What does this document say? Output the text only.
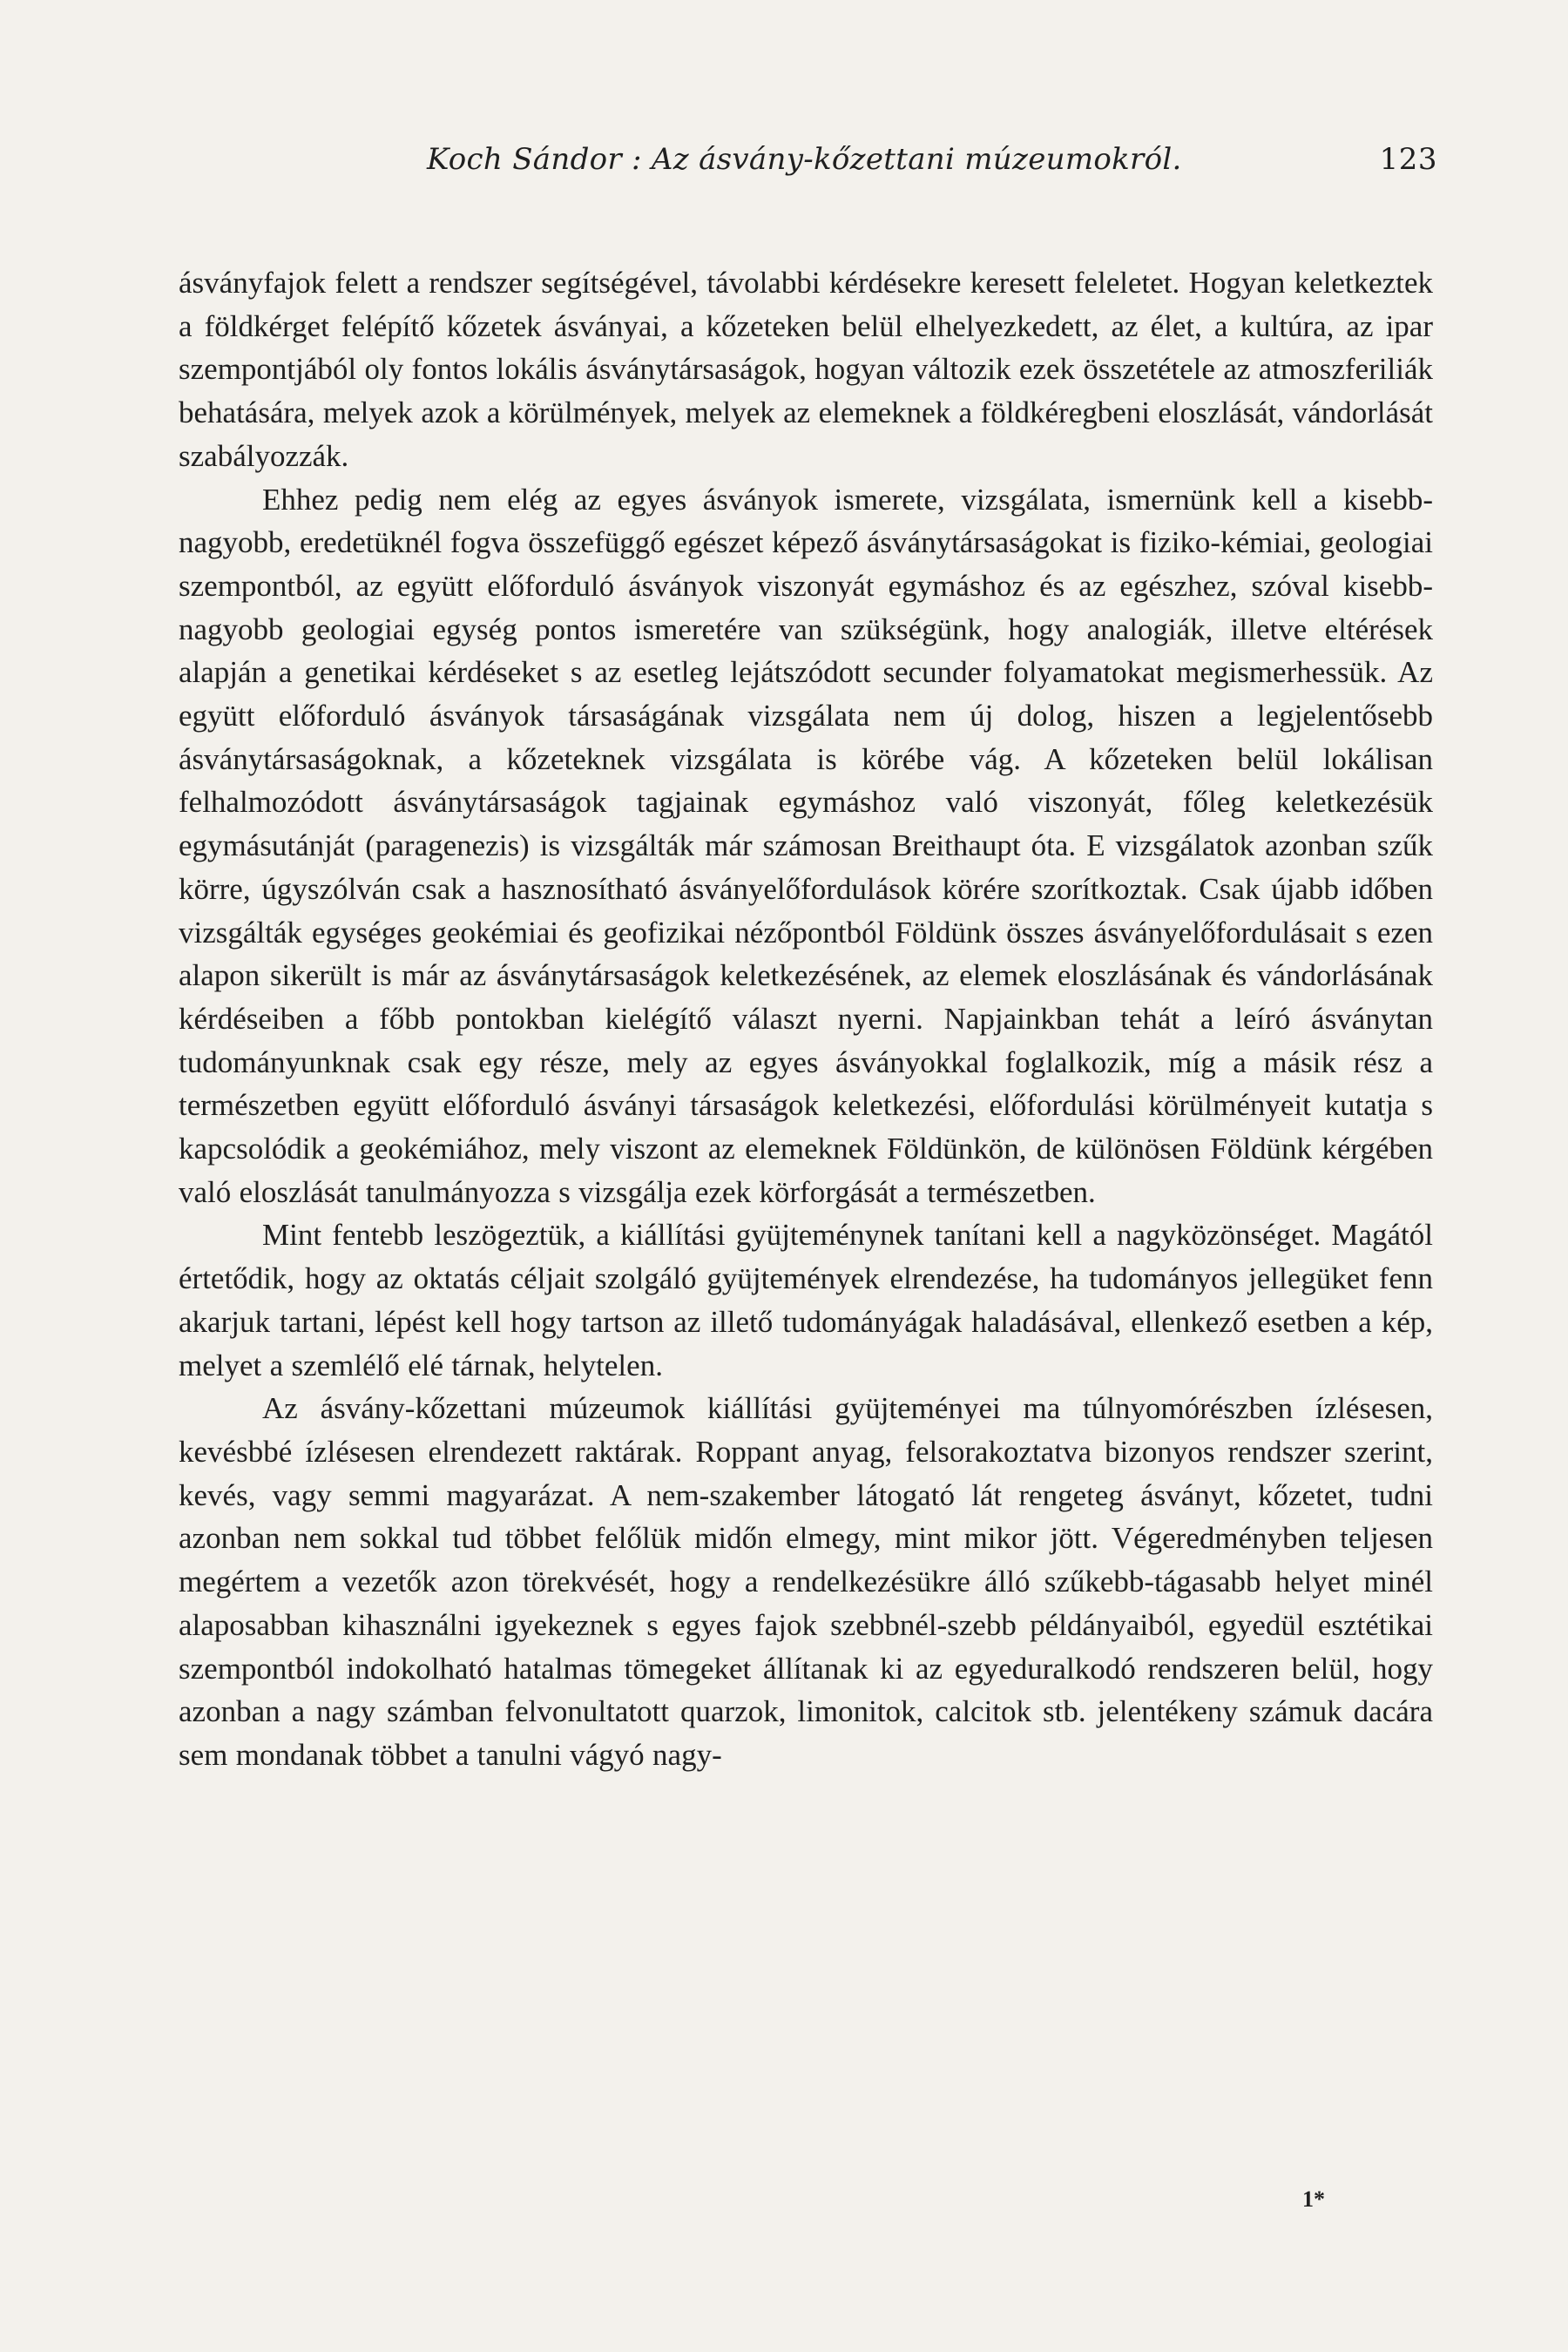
Koch Sándor : Az ásvány-kőzettani múzeumokról.	123

ásványfajok felett a rendszer segítségével, távolabbi kérdésekre keresett feleletet. Hogyan keletkeztek a földkérget felépítő kőzetek ásványai, a kőzeteken belül elhelyezkedett, az élet, a kultúra, az ipar szempontjából oly fontos lokális ásványtársaságok, hogyan változik ezek összetétele az atmoszferiliák behatására, melyek azok a körülmények, melyek az elemeknek a földkéregbeni eloszlását, vándorlását szabályozzák.

Ehhez pedig nem elég az egyes ásványok ismerete, vizsgálata, ismernünk kell a kisebb-nagyobb, eredetüknél fogva összefüggő egészet képező ásványtársaságokat is fiziko-kémiai, geologiai szempontból, az együtt előforduló ásványok viszonyát egymáshoz és az egészhez, szóval kisebb-nagyobb geologiai egység pontos ismeretére van szükségünk, hogy analogiák, illetve eltérések alapján a genetikai kérdéseket s az esetleg lejátszódott secunder folyamatokat megismerhessük. Az együtt előforduló ásványok társaságának vizsgálata nem új dolog, hiszen a legjelentősebb ásványtársaságoknak, a kőzeteknek vizsgálata is körébe vág. A kőzeteken belül lokálisan felhalmozódott ásványtársaságok tagjainak egymáshoz való viszonyát, főleg keletkezésük egymásutánját (paragenezis) is vizsgálták már számosan Breithaupt óta. E vizsgálatok azonban szűk körre, úgyszólván csak a hasznosítható ásványelőfordulások körére szorítkoztak. Csak újabb időben vizsgálták egységes geokémiai és geofizikai nézőpontból Földünk összes ásványelőfordulásait s ezen alapon sikerült is már az ásványtársaságok keletkezésének, az elemek eloszlásának és vándorlásának kérdéseiben a főbb pontokban kielégítő választ nyerni. Napjainkban tehát a leíró ásványtan tudományunknak csak egy része, mely az egyes ásványokkal foglalkozik, míg a másik rész a természetben együtt előforduló ásványi társaságok keletkezési, előfordulási körülményeit kutatja s kapcsolódik a geokémiához, mely viszont az elemeknek Földünkön, de különösen Földünk kérgében való eloszlását tanulmányozza s vizsgálja ezek körforgását a természetben.

Mint fentebb leszögeztük, a kiállítási gyüjteménynek tanítani kell a nagyközönséget. Magától értetődik, hogy az oktatás céljait szolgáló gyüjtemények elrendezése, ha tudományos jellegüket fenn akarjuk tartani, lépést kell hogy tartson az illető tudományágak haladásával, ellenkező esetben a kép, melyet a szemlélő elé tárnak, helytelen.

Az ásvány-kőzettani múzeumok kiállítási gyüjteményei ma túlnyomórészben ízlésesen, kevésbbé ízlésesen elrendezett raktárak. Roppant anyag, felsorakoztatva bizonyos rendszer szerint, kevés, vagy semmi magyarázat. A nem-szakember látogató lát rengeteg ásványt, kőzetet, tudni azonban nem sokkal tud többet felőlük midőn elmegy, mint mikor jött. Végeredményben teljesen megértem a vezetők azon törekvését, hogy a rendelkezésükre álló szűkebb-tágasabb helyet minél alaposabban kihasználni igyekeznek s egyes fajok szebbnél-szebb példányaiból, egyedül esztétikai szempontból indokolható hatalmas tömegeket állítanak ki az egyeduralkodó rendszeren belül, hogy azonban a nagy számban felvonultatott quarzok, limonitok, calcitok stb. jelentékeny számuk dacára sem mondanak többet a tanulni vágyó nagy-

1*
